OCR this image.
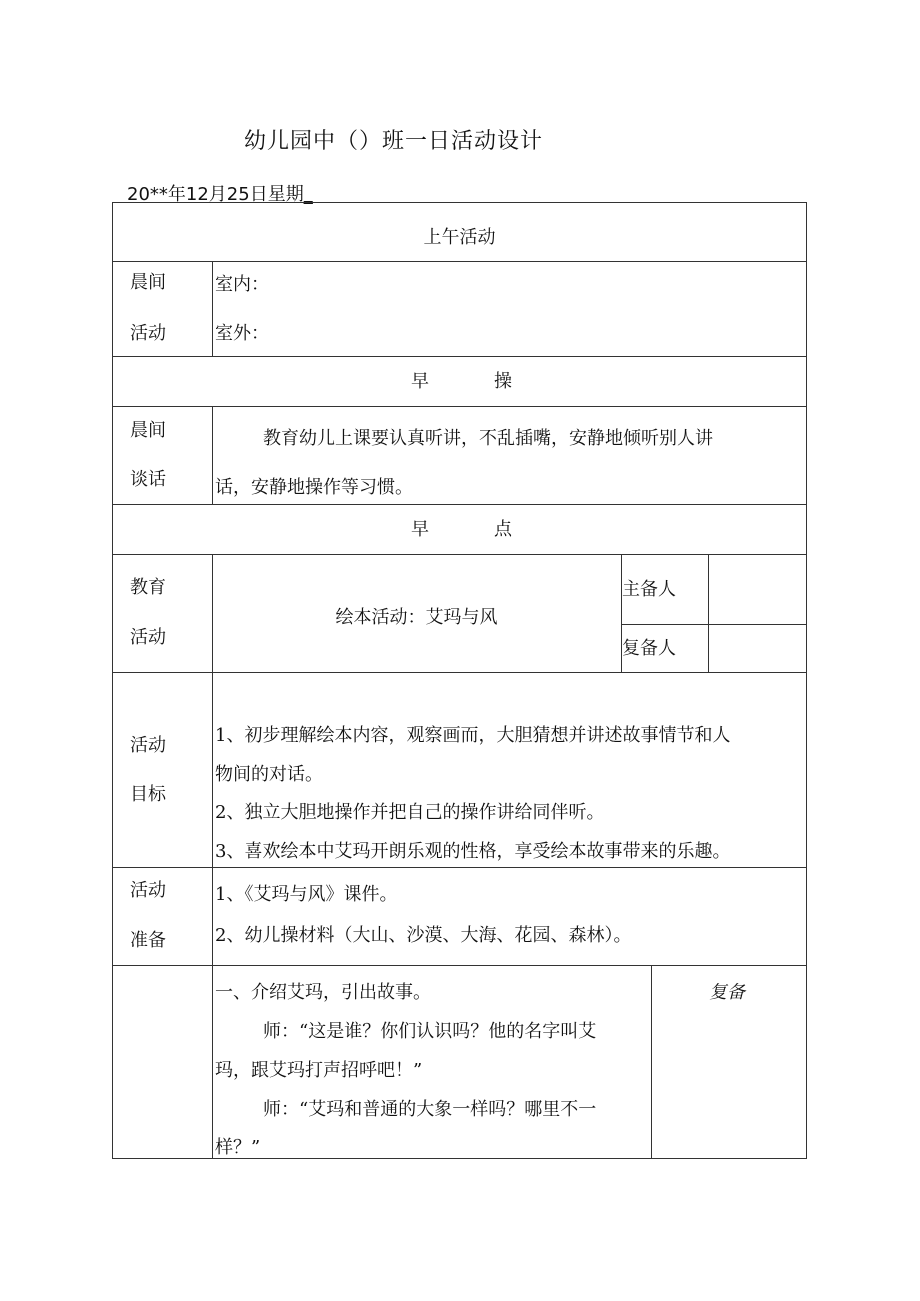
幼儿园中（）班一日活动设计
20**年12月25日星期_
上午活动
晨间
活动
室内：
室外：
早	操
晨间
谈话
教育幼儿上课要认真听讲，不乱插嘴，安静地倾听别人讲
话，安静地操作等习惯。
早	点
教育
活动
绘本活动：艾玛与风
主备人
复备人
活动
目标
1、初步理解绘本内容，观察画而，大胆猜想并讲述故事情节和人
物间的对话。
2、独立大胆地操作并把自己的操作讲给同伴听。
3、喜欢绘本中艾玛开朗乐观的性格，享受绘本故事带来的乐趣。
活动
准备
1、《艾玛与风》课件。
2、幼儿操材料（大山、沙漠、大海、花园、森林）。
一、介绍艾玛，引出故事。
师：“这是谁？你们认识吗？他的名字叫艾
玛，跟艾玛打声招呼吧！”
师：“艾玛和普通的大象一样吗？哪里不一
样？”
复备
